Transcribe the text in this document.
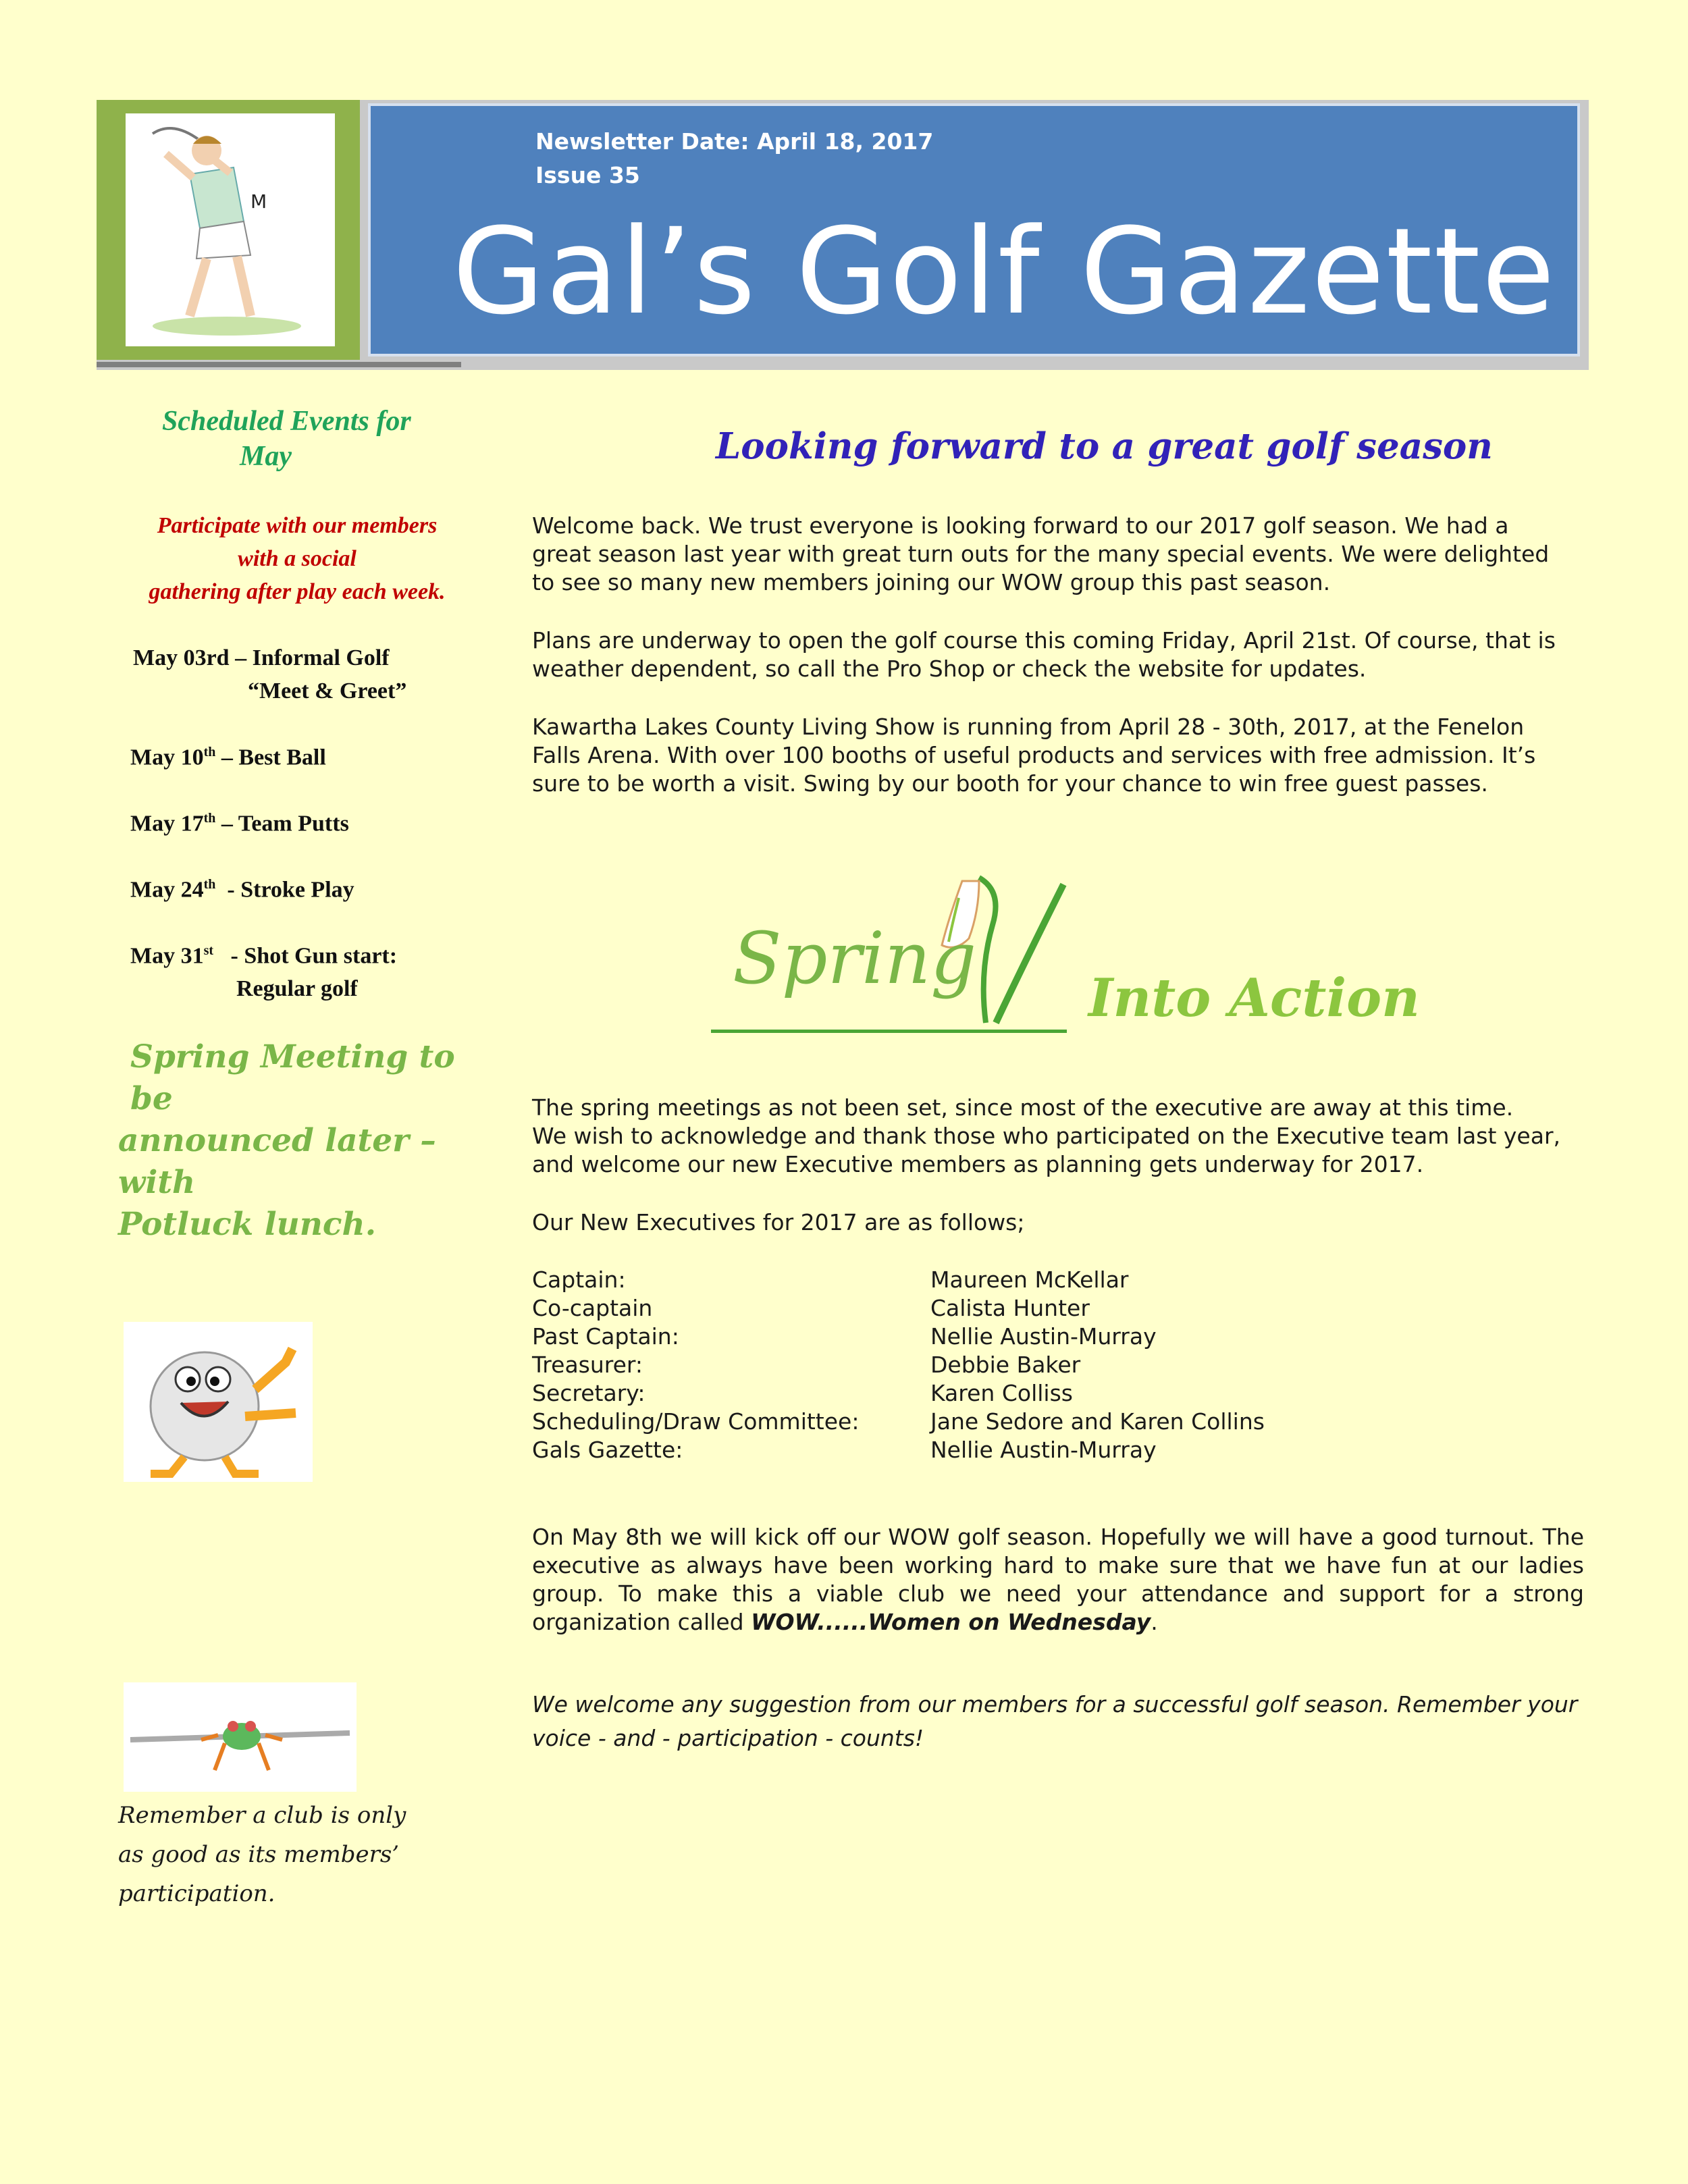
M
Newsletter Date: April 18, 2017
Issue 35
Gal’s Golf Gazette
Scheduled Events for
May
Participate with our members
with a social
gathering after play each week.
May 03rd – Informal Golf
“Meet & Greet”
May 10th – Best Ball
May 17th – Team Putts
May 24th  - Stroke Play
May 31st   - Shot Gun start:
Regular golf
Spring Meeting to be
announced later – with
Potluck lunch.
Remember a club is only
as good as its members’
participation.
Looking forward to a great golf season

Welcome back. We trust everyone is looking forward to our 2017 golf season. We had a

great season last year with great turn outs for the many special events. We were delighted

to see so many new members joining our WOW group this past season.

Plans are underway to open the golf course this coming Friday, April 21st. Of course, that is

weather dependent, so call the Pro Shop or check the website for updates.

Kawartha Lakes County Living Show is running from April 28 - 30th, 2017, at the Fenelon

Falls Arena. With over 100 booths of useful products and services with free admission. It’s

sure to be worth a visit. Swing by our booth for your chance to win free guest passes.

Spring Into Action

The spring meetings as not been set, since most of the executive are away at this time.

We wish to acknowledge and thank those who participated on the Executive team last year,

and welcome our new Executive members as planning gets underway for 2017.

Our New Executives for 2017 are as follows;
Captain:	Maureen McKellar
Co-captain	Calista Hunter
Past Captain:	Nellie Austin-Murray
Treasurer:	Debbie Baker
Secretary:	Karen Colliss
Scheduling/Draw Committee:	Jane Sedore and Karen Collins
Gals Gazette:	Nellie Austin-Murray
On May 8th we will kick off our WOW golf season. Hopefully we will have a good turnout. The executive as always have been working hard to make sure that we have fun at our ladies group. To make this a viable club we need your attendance and support for a strong organization called WOW......Women on Wednesday.
We welcome any suggestion from our members for a successful golf season. Remember your
voice - and - participation - counts!
